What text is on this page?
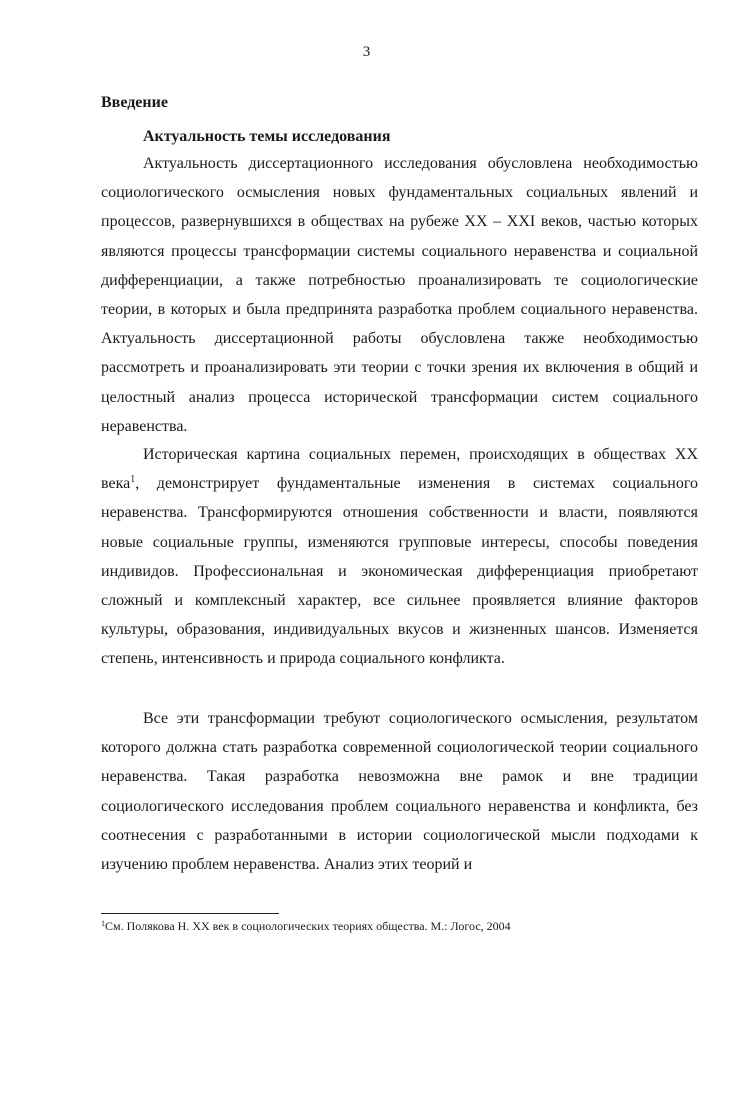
3
Введение
Актуальность темы исследования

Актуальность диссертационного исследования обусловлена необходимостью социологического осмысления новых фундаментальных социальных явлений и процессов, развернувшихся в обществах на рубеже XX – XXI веков, частью которых являются процессы трансформации системы социального неравенства и социальной дифференциации, а также потребностью проанализировать те социологические теории, в которых и была предпринята разработка проблем социального неравенства. Актуальность диссертационной работы обусловлена также необходимостью рассмотреть и проанализировать эти теории с точки зрения их включения в общий и целостный анализ процесса исторической трансформации систем социального неравенства.

Историческая картина социальных перемен, происходящих в обществах XX века$^1$, демонстрирует фундаментальные изменения в системах социального неравенства. Трансформируются отношения собственности и власти, появляются новые социальные группы, изменяются групповые интересы, способы поведения индивидов. Профессиональная и экономическая дифференциация приобретают сложный и комплексный характер, все сильнее проявляется влияние факторов культуры, образования, индивидуальных вкусов и жизненных шансов. Изменяется степень, интенсивность и природа социального конфликта.

Все эти трансформации требуют социологического осмысления, результатом которого должна стать разработка современной социологической теории социального неравенства. Такая разработка невозможна вне рамок и вне традиции социологического исследования проблем социального неравенства и конфликта, без соотнесения с разработанными в истории социологической мысли подходами к изучению проблем неравенства. Анализ этих теорий и

$^1$См. Полякова Н. XX век в социологических теориях общества. М.: Логос, 2004
